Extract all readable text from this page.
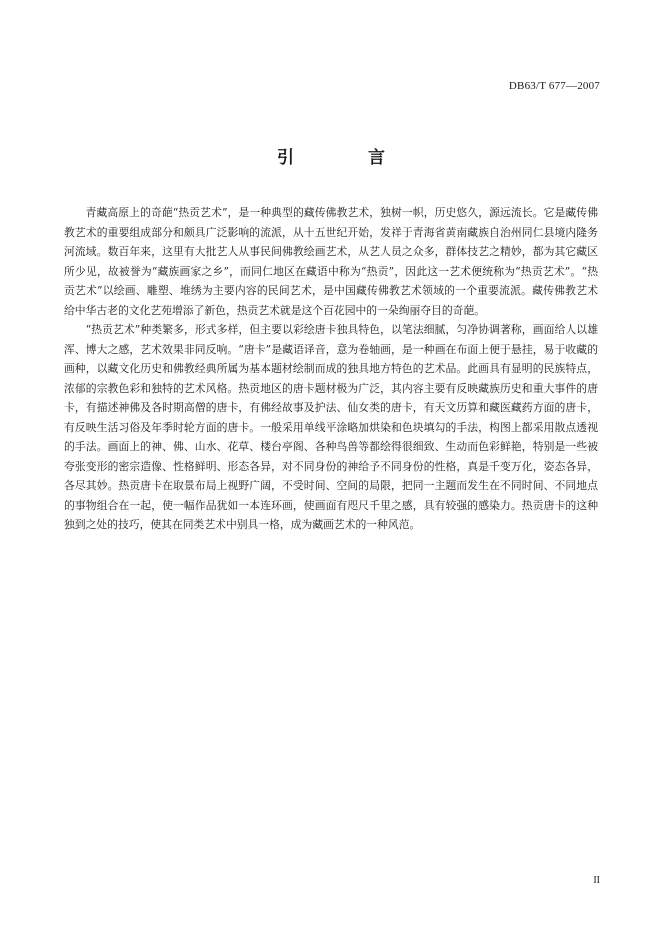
DB63/T 677—2007
引 言

青藏高原上的奇葩“热贡艺术”，是一种典型的藏传佛教艺术，独树一帜，历史悠久，源远流长。它是藏传佛教艺术的重要组成部分和颇具广泛影响的流派，从十五世纪开始，发祥于青海省黄南藏族自治州同仁县境内隆务河流域。数百年来，这里有大批艺人从事民间佛教绘画艺术，从艺人员之众多，群体技艺之精妙，都为其它藏区所少见，故被誉为“藏族画家之乡”，而同仁地区在藏语中称为“热贡”，因此这一艺术便统称为“热贡艺术”。“热贡艺术”以绘画、雕塑、堆绣为主要内容的民间艺术，是中国藏传佛教艺术领域的一个重要流派。藏传佛教艺术给中华古老的文化艺苑增添了新色，热贡艺术就是这个百花园中的一朵绚丽夺目的奇葩。

“热贡艺术”种类繁多，形式多样，但主要以彩绘唐卡独具特色，以笔法细腻，匀净协调著称，画面给人以雄浑、博大之感，艺术效果非同反响。“唐卡”是藏语译音，意为卷轴画，是一种画在布面上便于悬挂，易于收藏的画种，以藏文化历史和佛教经典所属为基本题材绘制而成的独具地方特色的艺术品。此画具有显明的民族特点，浓郁的宗教色彩和独特的艺术风格。热贡地区的唐卡题材极为广泛，其内容主要有反映藏族历史和重大事件的唐卡，有描述神佛及各时期高僧的唐卡，有佛经故事及护法、仙女类的唐卡，有天文历算和藏医藏药方面的唐卡，有反映生活习俗及年季时轮方面的唐卡。一般采用单线平涂略加烘染和色块填勾的手法，构图上都采用散点透视的手法。画面上的神、佛、山水、花草、楼台亭阁、各种鸟兽等都绘得很细致、生动而色彩鲜艳，特别是一些被夸张变形的密宗造像、性格鲜明、形态各异，对不同身份的神给予不同身份的性格，真是千变万化，姿态各异，各尽其妙。热贡唐卡在取景布局上视野广阔，不受时间、空间的局限，把同一主题而发生在不同时间、不同地点的事物组合在一起，使一幅作品犹如一本连环画，使画面有咫尺千里之感，具有较强的感染力。热贡唐卡的这种独到之处的技巧，使其在同类艺术中别具一格，成为藏画艺术的一种风范。

II
